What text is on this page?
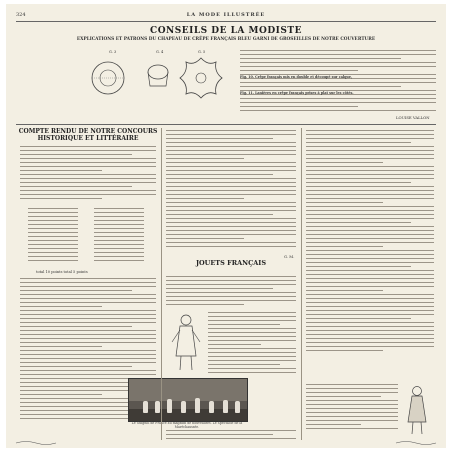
324	LA MODE ILLUSTRÉE
CONSEILS DE LA MODISTE
EXPLICATIONS ET PATRONS DU CHAPEAU DE CRÊPE FRANÇAIS BLEU GARNI DE GROSEILLES DE NOTRE COUVERTURE
G. 3	G. 4	G. 5
Fig. 10. Crêpe français mis en double et découpé sur calque,
Fig. 11. Lanières en crêpe français prises à plat sur les côtés.
LOUISE VALLON
COMPTE RENDU DE NOTRE CONCOURS HISTORIQUE ET LITTÉRAIRE
total 10 points total 5 points
G. M.
JOUETS FRANÇAIS
Le Guignol de France au magasin de nouveautés. Le Spectacle de la Maréchaussée.
